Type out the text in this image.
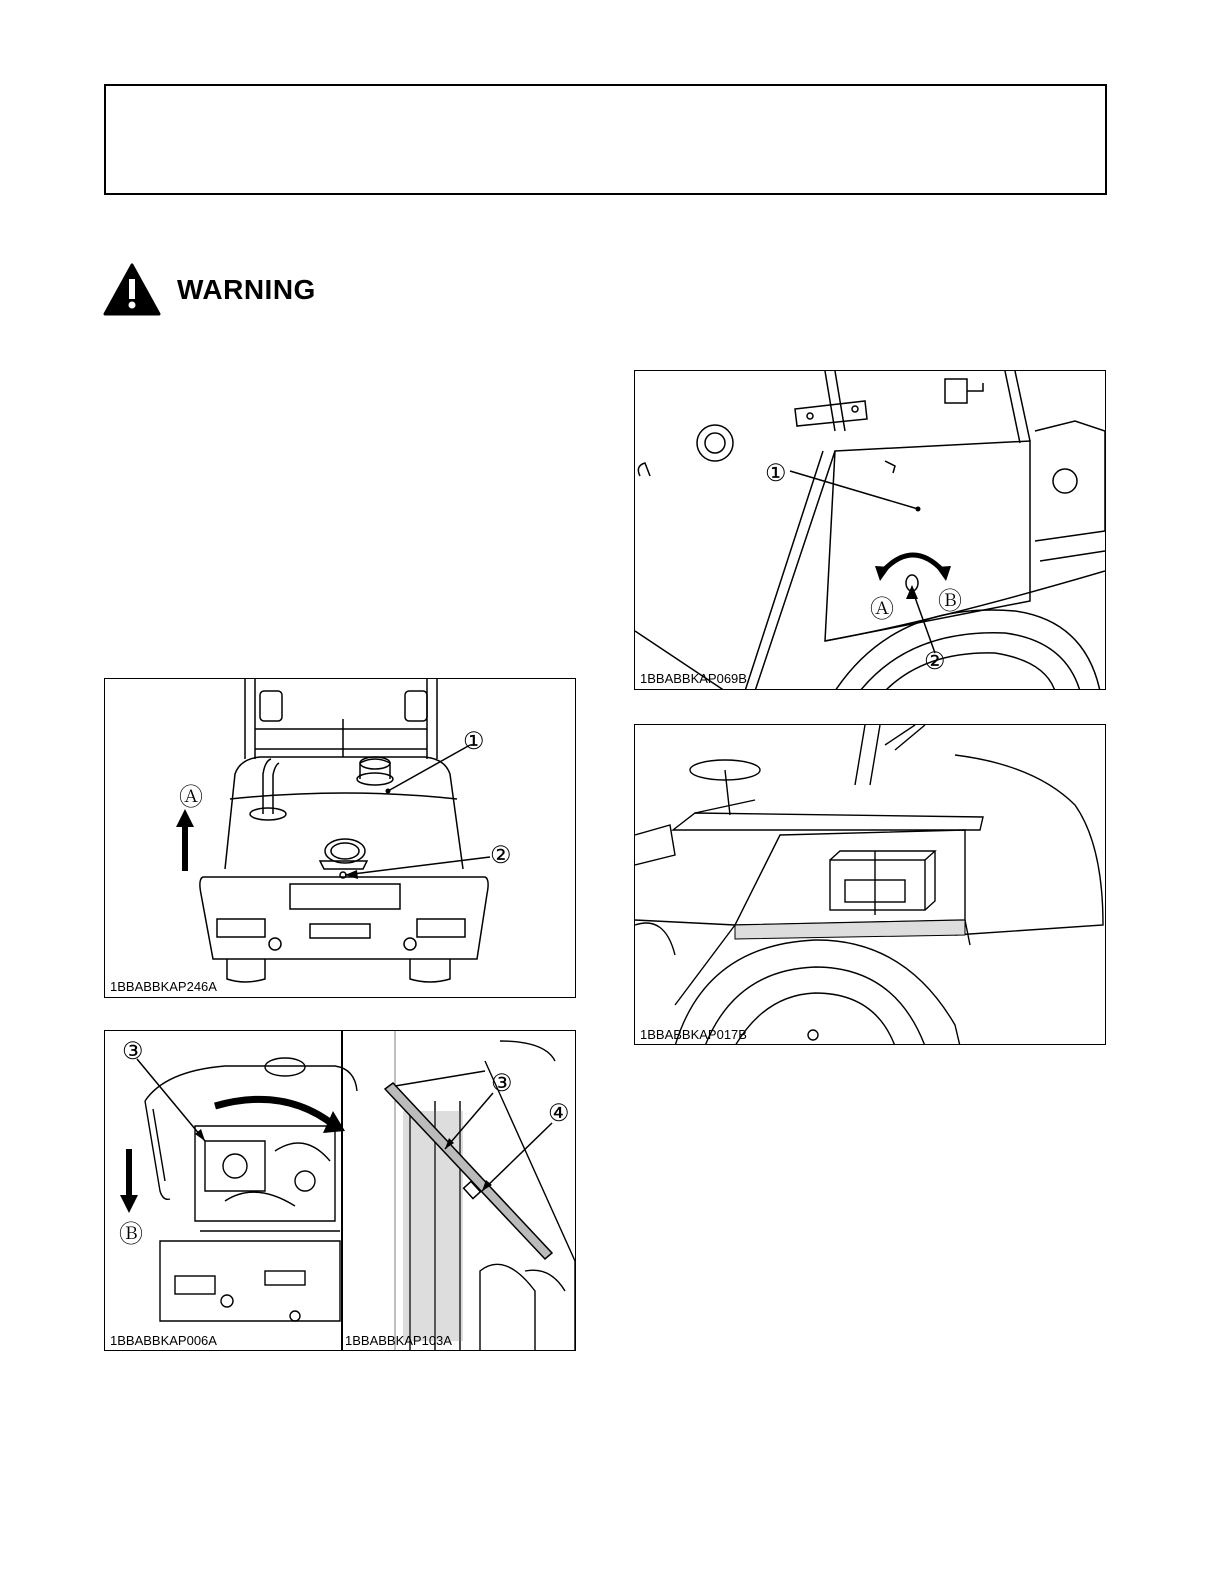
WARNING
①
②
Ⓐ
1BBABBKAP246A
③
Ⓑ
③
④
1BBABBKAP006A	1BBABBKAP103A
①
②
Ⓐ Ⓑ
1BBABBKAP069B
1BBABBKAP017B
